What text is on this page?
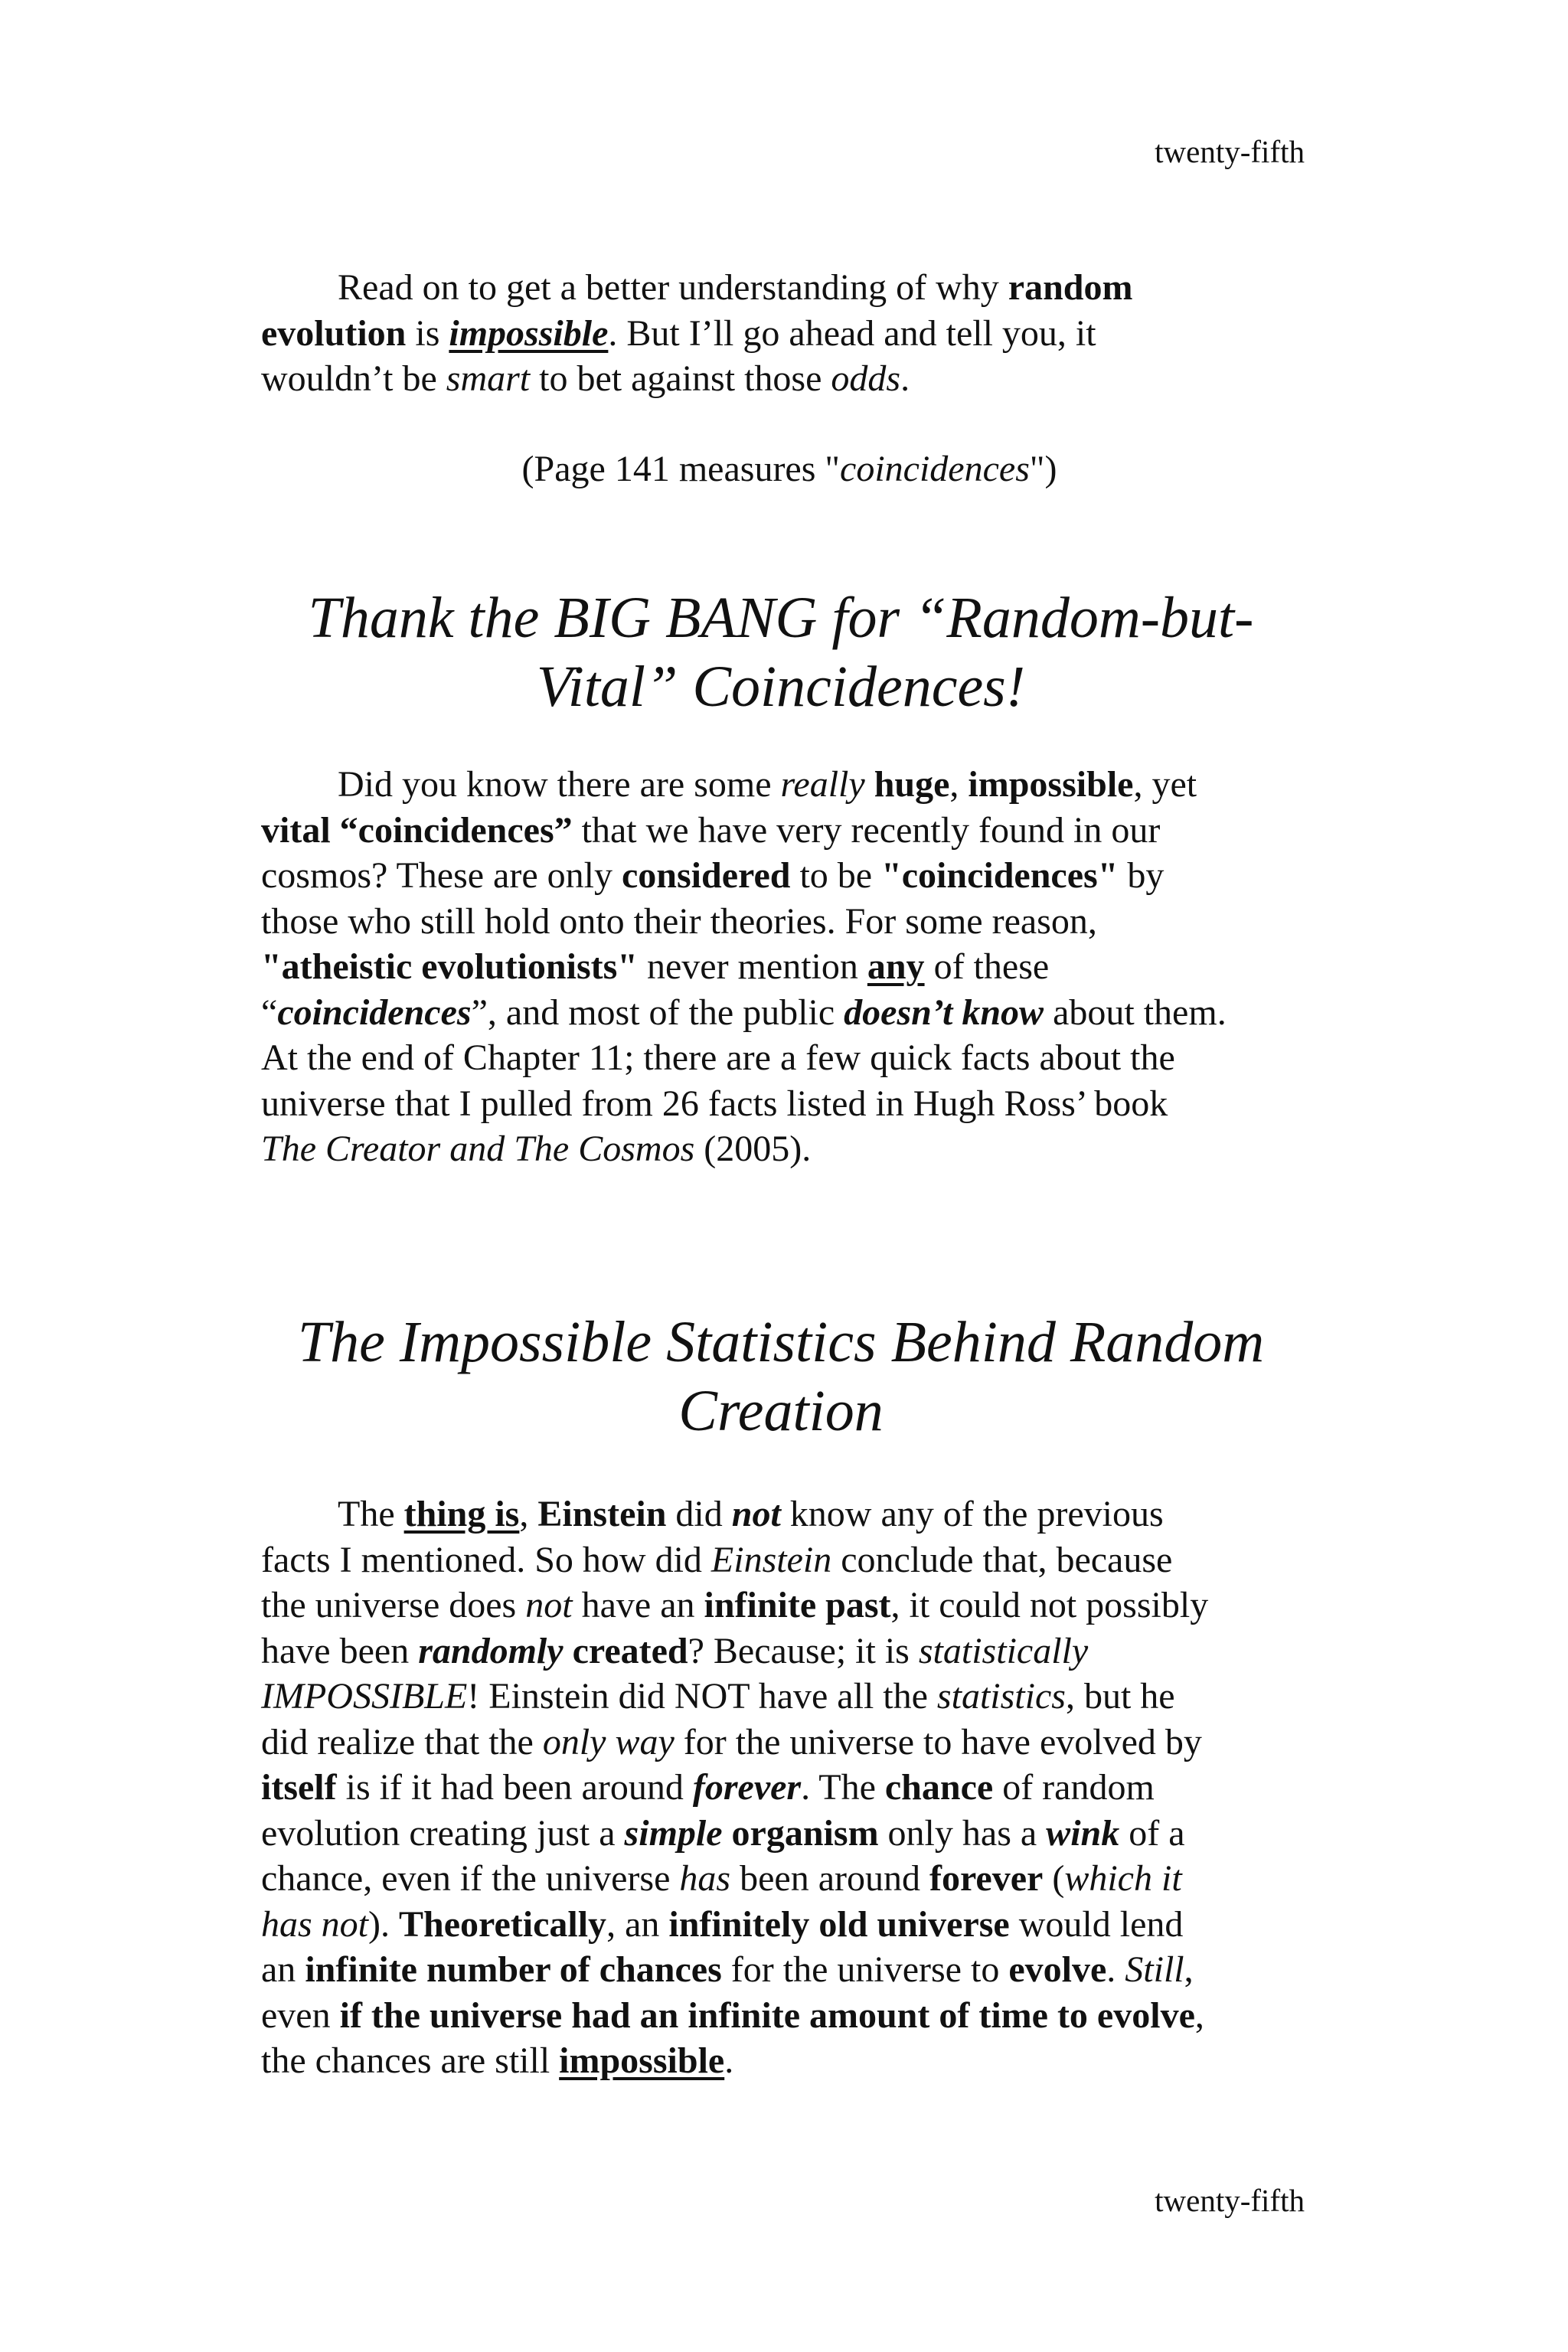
twenty-fifth

Read on to get a better understanding of why random
evolution is impossible. But I’ll go ahead and tell you, it
wouldn’t be smart to bet against those odds.

(Page 141 measures "coincidences")

Thank the BIG BANG for “Random-but-
Vital” Coincidences!

Did you know there are some really huge, impossible, yet
vital “coincidences” that we have very recently found in our
cosmos? These are only considered to be "coincidences" by
those who still hold onto their theories. For some reason,
"atheistic evolutionists" never mention any of these
“coincidences”, and most of the public doesn’t know about them.
At the end of Chapter 11; there are a few quick facts about the
universe that I pulled from 26 facts listed in Hugh Ross’ book
The Creator and The Cosmos (2005).

The Impossible Statistics Behind Random
Creation

The thing is, Einstein did not know any of the previous
facts I mentioned. So how did Einstein conclude that, because
the universe does not have an infinite past, it could not possibly
have been randomly created? Because; it is statistically
IMPOSSIBLE! Einstein did NOT have all the statistics, but he
did realize that the only way for the universe to have evolved by
itself is if it had been around forever. The chance of random
evolution creating just a simple organism only has a wink of a
chance, even if the universe has been around forever (which it
has not). Theoretically, an infinitely old universe would lend
an infinite number of chances for the universe to evolve. Still,
even if the universe had an infinite amount of time to evolve,
the chances are still impossible.

twenty-fifth
